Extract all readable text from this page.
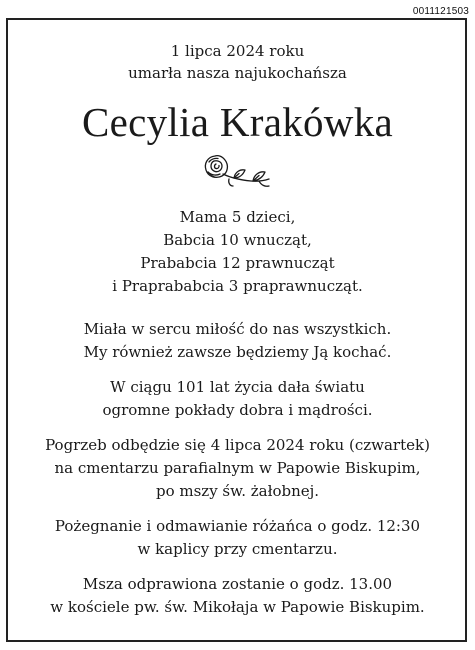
0011121503
1 lipca 2024 roku
umarła nasza najukochańsza
Cecylia Krakówka
Mama 5 dzieci,
Babcia 10 wnucząt,
Prababcia 12 prawnucząt
i Praprababcia 3 praprawnucząt.
Miała w sercu miłość do nas wszystkich.
My również zawsze będziemy Ją kochać.
W ciągu 101 lat życia dała światu
ogromne pokłady dobra i mądrości.
Pogrzeb odbędzie się 4 lipca 2024 roku (czwartek)
na cmentarzu parafialnym w Papowie Biskupim,
po mszy św. żałobnej.
Pożegnanie i odmawianie różańca o godz. 12:30
w kaplicy przy cmentarzu.
Msza odprawiona zostanie o godz. 13.00
w kościele pw. św. Mikołaja w Papowie Biskupim.
